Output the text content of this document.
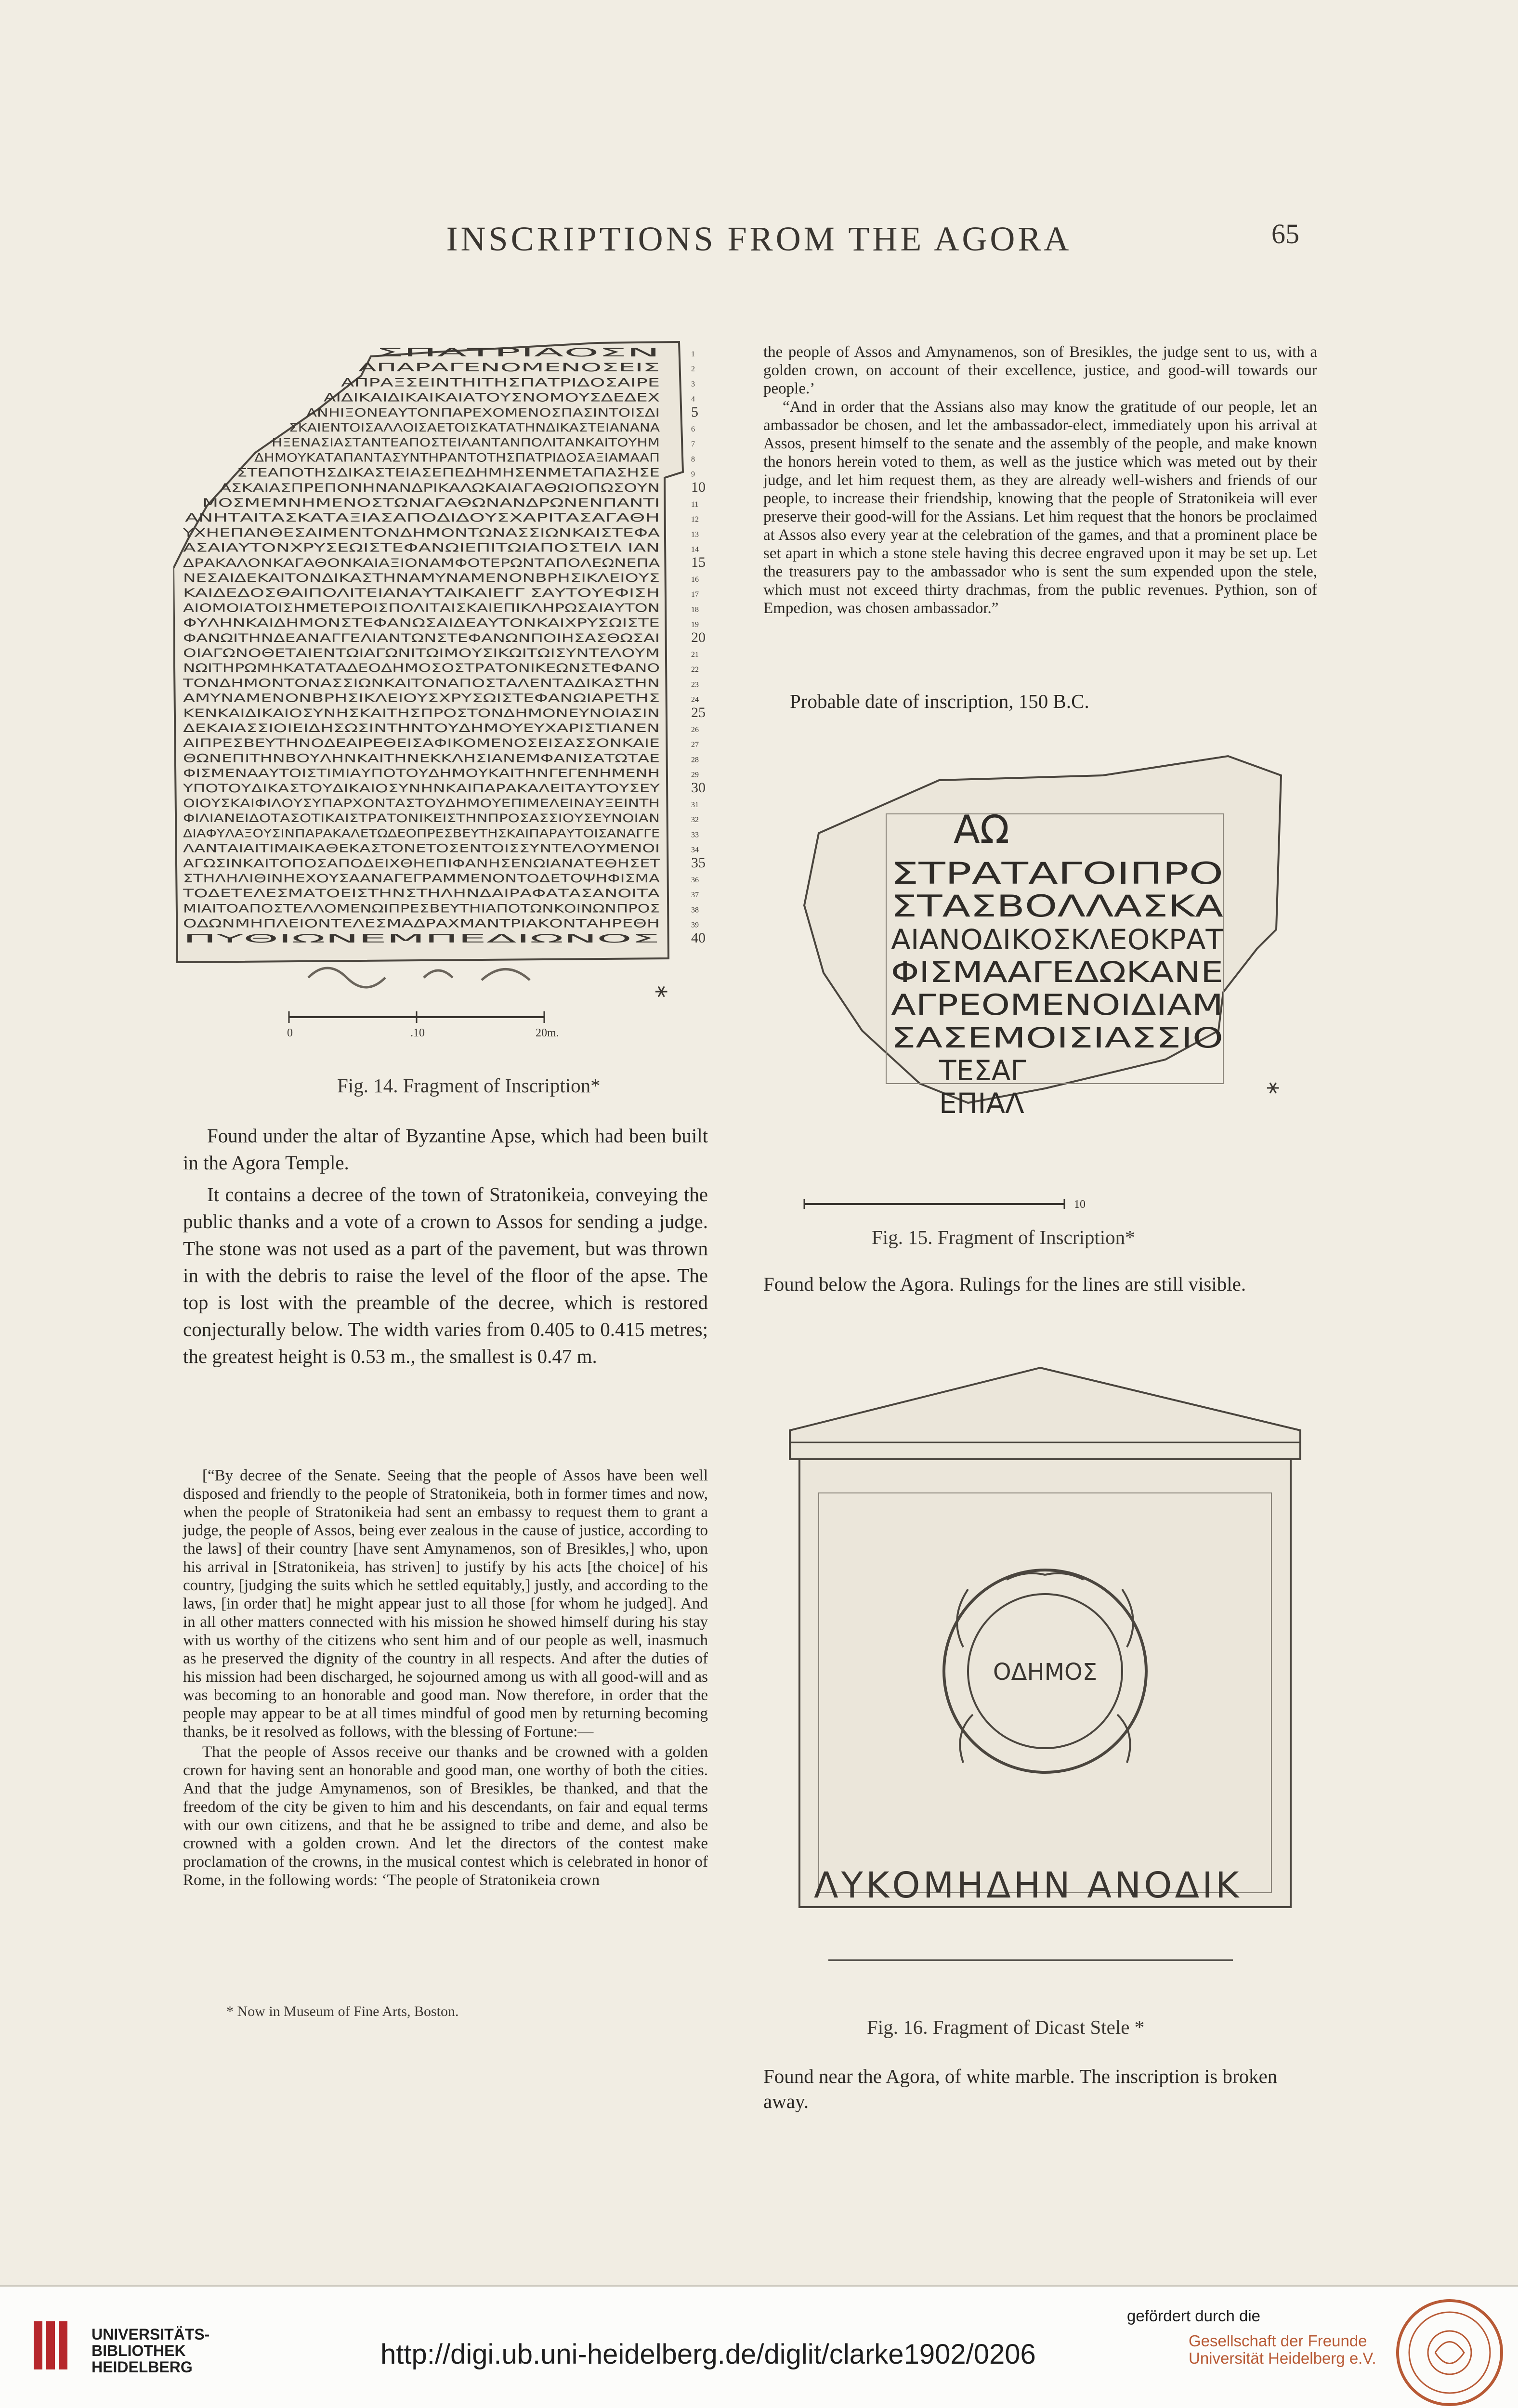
INSCRIPTIONS FROM THE AGORA	65
ΣΠΑΤΡΙΑΟΣΝ
ΑΠΑΡΑΓΕΝΟΜΕΝΟΣΕΙΣ
ΑΠΡΑΞΣΕΙΝΤΗΙΤΗΣΠΑΤΡΙΔΟΣΑΙΡΕ
ΑΙΔΙΚΑΙΔΙΚΑΙΚΑΙΑΤΟΥΣΝΟΜΟΥΣΔΕΔΕΧ
ΑΝΗΙΞΟΝΕΑΥΤΟΝΠΑΡΕΧΟΜΕΝΟΣΠΑΣΙΝΤΟΙΣΔΙ
ΣΚΑΙΕΝΤΟΙΣΑΛΛΟΙΣΑΕΤΟΙΣΚΑΤΑΤΗΝΔΙΚΑΣΤΕΙΑΝΑΝΑ
ΗΞΕΝΑΣΙΑΣΤΑΝΤΕΑΠΟΣΤΕΙΛΑΝΤΑΝΠΟΛΙΤΑΝΚΑΙΤΟΥΗΜ
ΔΗΜΟΥΚΑΤΑΠΑΝΤΑΣΥΝΤΗΡΑΝΤΟΤΗΣΠΑΤΡΙΔΟΣΑΞΙΑΜΑΑΠ
ΣΤΕΑΠΟΤΗΣΔΙΚΑΣΤΕΙΑΣΕΠΕΔΗΜΗΣΕΝΜΕΤΑΠΑΣΗΣΕ
ΑΣΚΑΙΑΣΠΡΕΠΟΝΗΝΑΝΔΡΙΚΑΛΩΚΑΙΑΓΑΘΩΙΟΠΩΣΟΥΝ
ΜΟΣΜΕΜΝΗΜΕΝΟΣΤΩΝΑΓΑΘΩΝΑΝΔΡΩΝΕΝΠΑΝΤΙ
ΑΝΗΤΑΙΤΑΣΚΑΤΑΞΙΑΣΑΠΟΔΙΔΟΥΣΧΑΡΙΤΑΣΑΓΑΘΗ
ΥΧΗΕΠΑΝΘΕΣΑΙΜΕΝΤΟΝΔΗΜΟΝΤΩΝΑΣΣΙΩΝΚΑΙΣΤΕΦΑ
ΑΣΑΙΑΥΤΟΝΧΡΥΣΕΩΙΣΤΕΦΑΝΩΙΕΠΙΤΩΙΑΠΟΣΤΕΙΛ ΙΑΝ
ΔΡΑΚΑΛΟΝΚΑΓΑΘΟΝΚΑΙΑΞΙΟΝΑΜΦΟΤΕΡΩΝΤΑΠΟΛΕΩΝΕΠΑ
ΝΕΣΑΙΔΕΚΑΙΤΟΝΔΙΚΑΣΤΗΝΑΜΥΝΑΜΕΝΟΝΒΡΗΣΙΚΛΕΙΟΥΣ
ΚΑΙΔΕΔΟΣΘΑΙΠΟΛΙΤΕΙΑΝΑΥΤΑΙΚΑΙΕΓΓ ΣΑΥΤΟΥΕΦΙΣΗ
ΑΙΟΜΟΙΑΤΟΙΣΗΜΕΤΕΡΟΙΣΠΟΛΙΤΑΙΣΚΑΙΕΠΙΚΛΗΡΩΣΑΙΑΥΤΟΝ
ΦΥΛΗΝΚΑΙΔΗΜΟΝΣΤΕΦΑΝΩΣΑΙΔΕΑΥΤΟΝΚΑΙΧΡΥΣΩΙΣΤΕ
ΦΑΝΩΙΤΗΝΔΕΑΝΑΓΓΕΛΙΑΝΤΩΝΣΤΕΦΑΝΩΝΠΟΙΗΣΑΣΘΩΣΑΙ
ΟΙΑΓΩΝΟΘΕΤΑΙΕΝΤΩΙΑΓΩΝΙΤΩΙΜΟΥΣΙΚΩΙΤΩΙΣΥΝΤΕΛΟΥΜ
ΝΩΙΤΗΡΩΜΗΚΑΤΑΤΑΔΕΟΔΗΜΟΣΟΣΤΡΑΤΟΝΙΚΕΩΝΣΤΕΦΑΝΟ
ΤΟΝΔΗΜΟΝΤΟΝΑΣΣΙΩΝΚΑΙΤΟΝΑΠΟΣΤΑΛΕΝΤΑΔΙΚΑΣΤΗΝ
ΑΜΥΝΑΜΕΝΟΝΒΡΗΣΙΚΛΕΙΟΥΣΧΡΥΣΩΙΣΤΕΦΑΝΩΙΑΡΕΤΗΣ
ΚΕΝΚΑΙΔΙΚΑΙΟΣΥΝΗΣΚΑΙΤΗΣΠΡΟΣΤΟΝΔΗΜΟΝΕΥΝΟΙΑΣΙΝ
ΔΕΚΑΙΑΣΣΙΟΙΕΙΔΗΣΩΣΙΝΤΗΝΤΟΥΔΗΜΟΥΕΥΧΑΡΙΣΤΙΑΝΕΝ
ΑΙΠΡΕΣΒΕΥΤΗΝΟΔΕΑΙΡΕΘΕΙΣΑΦΙΚΟΜΕΝΟΣΕΙΣΑΣΣΟΝΚΑΙΕ
ΘΩΝΕΠΙΤΗΝΒΟΥΛΗΝΚΑΙΤΗΝΕΚΚΛΗΣΙΑΝΕΜΦΑΝΙΣΑΤΩΤΑΕ
ΦΙΣΜΕΝΑΑΥΤΟΙΣΤΙΜΙΑΥΠΟΤΟΥΔΗΜΟΥΚΑΙΤΗΝΓΕΓΕΝΗΜΕΝΗ
ΥΠΟΤΟΥΔΙΚΑΣΤΟΥΔΙΚΑΙΟΣΥΝΗΝΚΑΙΠΑΡΑΚΑΛΕΙΤΑΥΤΟΥΣΕΥ
ΟΙΟΥΣΚΑΙΦΙΛΟΥΣΥΠΑΡΧΟΝΤΑΣΤΟΥΔΗΜΟΥΕΠΙΜΕΛΕΙΝΑΥΞΕΙΝΤΗ
ΦΙΛΙΑΝΕΙΔΟΤΑΣΟΤΙΚΑΙΣΤΡΑΤΟΝΙΚΕΙΣΤΗΝΠΡΟΣΑΣΣΙΟΥΣΕΥΝΟΙΑΝ
ΔΙΑΦΥΛΑΞΟΥΣΙΝΠΑΡΑΚΑΛΕΤΩΔΕΟΠΡΕΣΒΕΥΤΗΣΚΑΙΠΑΡΑΥΤΟΙΣΑΝΑΓΓΕ
ΛΑΝΤΑΙΑΙΤΙΜΑΙΚΑΘΕΚΑΣΤΟΝΕΤΟΣΕΝΤΟΙΣΣΥΝΤΕΛΟΥΜΕΝΟΙ
ΑΓΩΣΙΝΚΑΙΤΟΠΟΣΑΠΟΔΕΙΧΘΗΕΠΙΦΑΝΗΣΕΝΩΙΑΝΑΤΕΘΗΣΕΤ
ΣΤΗΛΗΛΙΘΙΝΗΕΧΟΥΣΑΑΝΑΓΕΓΡΑΜΜΕΝΟΝΤΟΔΕΤΟΨΗΦΙΣΜΑ
ΤΟΔΕΤΕΛΕΣΜΑΤΟΕΙΣΤΗΝΣΤΗΛΗΝΔΑΙΡΑΦΑΤΑΣΑΝΟΙΤΑ
ΜΙΑΙΤΟΑΠΟΣΤΕΛΛΟΜΕΝΩΙΠΡΕΣΒΕΥΤΗΙΑΠΟΤΩΝΚΟΙΝΩΝΠΡΟΣ
ΟΔΩΝΜΗΠΛΕΙΟΝΤΕΛΕΣΜΑΔΡΑΧΜΑΝΤΡΙΑΚΟΝΤΑΗΡΕΘΗ
ΠΥΘΙΩΝΕΜΠΕΔΙΩΝΟΣ
1
2
3
4
5
6
7
8
9
10
11
12
13
14
15
16
17
18
19
20
21
22
23
24
25
26
27
28
29
30
31
32
33
34
35
36
37
38
39
40
0	.10	20m.
⚹
Fig. 14. Fragment of Inscription*

Found under the altar of Byzantine Apse, which had been built in the Agora Temple.

It contains a decree of the town of Stratonikeia, conveying the public thanks and a vote of a crown to Assos for sending a judge. The stone was not used as a part of the pavement, but was thrown in with the debris to raise the level of the floor of the apse. The top is lost with the preamble of the decree, which is restored conjecturally below. The width varies from 0.405 to 0.415 metres; the greatest height is 0.53 m., the smallest is 0.47 m.

[“By decree of the Senate. Seeing that the people of Assos have been well disposed and friendly to the people of Stratonikeia, both in former times and now, when the people of Stratonikeia had sent an embassy to request them to grant a judge, the people of Assos, being ever zealous in the cause of justice, according to the laws] of their country [have sent Amynamenos, son of Bresikles,] who, upon his arrival in [Stratonikeia, has striven] to justify by his acts [the choice] of his country, [judging the suits which he settled equitably,] justly, and according to the laws, [in order that] he might appear just to all those [for whom he judged]. And in all other matters connected with his mission he showed himself during his stay with us worthy of the citizens who sent him and of our people as well, inasmuch as he preserved the dignity of the country in all respects. And after the duties of his mission had been discharged, he sojourned among us with all good-will and as was becoming to an honorable and good man. Now therefore, in order that the people may appear to be at all times mindful of good men by returning becoming thanks, be it resolved as follows, with the blessing of Fortune:—

That the people of Assos receive our thanks and be crowned with a golden crown for having sent an honorable and good man, one worthy of both the cities. And that the judge Amynamenos, son of Bresikles, be thanked, and that the freedom of the city be given to him and his descendants, on fair and equal terms with our own citizens, and that he be assigned to tribe and deme, and also be crowned with a golden crown. And let the directors of the contest make proclamation of the crowns, in the musical contest which is celebrated in honor of Rome, in the following words: ‘The people of Stratonikeia crown

* Now in Museum of Fine Arts, Boston.

the people of Assos and Amynamenos, son of Bresikles, the judge sent to us, with a golden crown, on account of their excellence, justice, and good-will towards our people.’

“And in order that the Assians also may know the gratitude of our people, let an ambassador be chosen, and let the ambassador-elect, immediately upon his arrival at Assos, present himself to the senate and the assembly of the people, and make known the honors herein voted to them, as well as the justice which was meted out by their judge, and let him request them, as they are already well-wishers and friends of our people, to increase their friendship, knowing that the people of Stratonikeia will ever preserve their good-will for the Assians. Let him request that the honors be proclaimed at Assos also every year at the celebration of the games, and that a prominent place be set apart in which a stone stele having this decree engraved upon it may be set up. Let the treasurers pay to the ambassador who is sent the sum expended upon the stele, which must not exceed thirty drachmas, from the public revenues. Pythion, son of Empedion, was chosen ambassador.”

Probable date of inscription, 150 B.C.
ΑΩ
ΣΤΡΑΤΑΓΟΙΠΡΟ
ΣΤΑΣΒΟΛΛΑΣΚΑ
ΑΙΑΝΟΔΙΚΟΣΚΛΕΟΚΡΑΤ
ΦΙΣΜΑΑΓΕΔΩΚΑΝΕ
ΑΓΡΕΟΜΕΝΟΙΔΙΑΜ
ΣΑΣΕΜΟΙΣΙΑΣΣΙΟ
ΤΕΣΑΓ
ΕΠΙΑΛ
⚹
10
Fig. 15. Fragment of Inscription*
Found below the Agora. Rulings for the lines are still visible.
ΟΔΗΜΟΣ
ΛΥΚΟΜΗΔΗΝ ΑΝΟΔΙΚ
Fig. 16. Fragment of Dicast Stele *
Found near the Agora, of white marble. The inscription is broken away.
UNIVERSITÄTS-
BIBLIOTHEK
HEIDELBERG	http://digi.ub.uni-heidelberg.de/diglit/clarke1902/0206
gefördert durch die
Gesellschaft der Freunde
Universität Heidelberg e.V.
